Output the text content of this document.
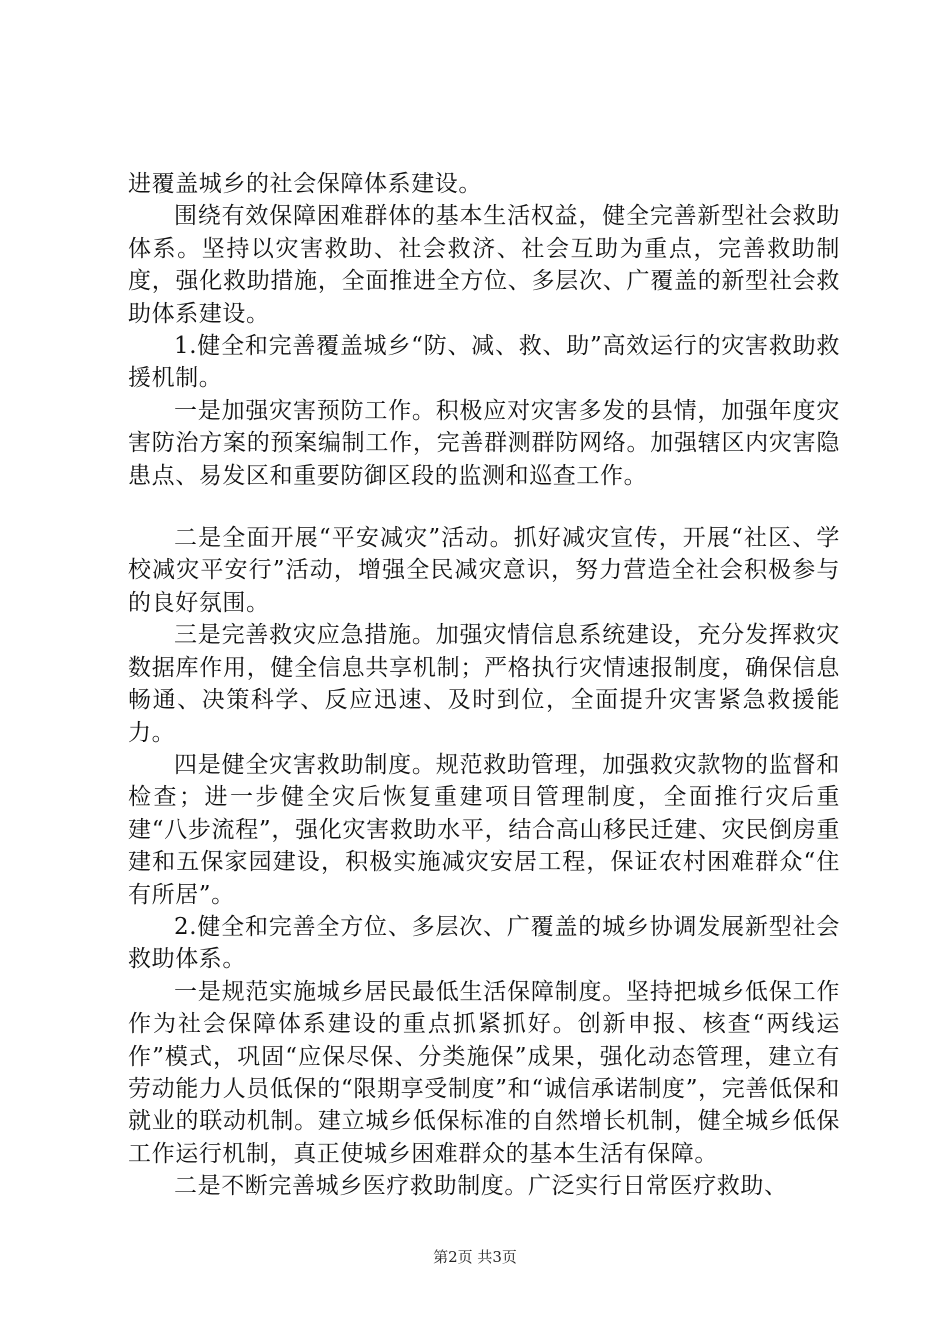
进覆盖城乡的社会保障体系建设。

围绕有效保障困难群体的基本生活权益，健全完善新型社会救助体系。坚持以灾害救助、社会救济、社会互助为重点，完善救助制度，强化救助措施，全面推进全方位、多层次、广覆盖的新型社会救助体系建设。

1.健全和完善覆盖城乡“防、减、救、助”高效运行的灾害救助救援机制。

一是加强灾害预防工作。积极应对灾害多发的县情，加强年度灾害防治方案的预案编制工作，完善群测群防网络。加强辖区内灾害隐患点、易发区和重要防御区段的监测和巡查工作。

二是全面开展“平安减灾”活动。抓好减灾宣传，开展“社区、学校减灾平安行”活动，增强全民减灾意识，努力营造全社会积极参与的良好氛围。

三是完善救灾应急措施。加强灾情信息系统建设，充分发挥救灾数据库作用，健全信息共享机制；严格执行灾情速报制度，确保信息畅通、决策科学、反应迅速、及时到位，全面提升灾害紧急救援能力。

四是健全灾害救助制度。规范救助管理，加强救灾款物的监督和检查；进一步健全灾后恢复重建项目管理制度，全面推行灾后重建“八步流程”，强化灾害救助水平，结合高山移民迁建、灾民倒房重建和五保家园建设，积极实施减灾安居工程，保证农村困难群众“住有所居”。

2.健全和完善全方位、多层次、广覆盖的城乡协调发展新型社会救助体系。

一是规范实施城乡居民最低生活保障制度。坚持把城乡低保工作作为社会保障体系建设的重点抓紧抓好。创新申报、核查“两线运作”模式，巩固“应保尽保、分类施保”成果，强化动态管理，建立有劳动能力人员低保的“限期享受制度”和“诚信承诺制度”，完善低保和就业的联动机制。建立城乡低保标准的自然增长机制，健全城乡低保工作运行机制，真正使城乡困难群众的基本生活有保障。

二是不断完善城乡医疗救助制度。广泛实行日常医疗救助、

第2页 共3页
